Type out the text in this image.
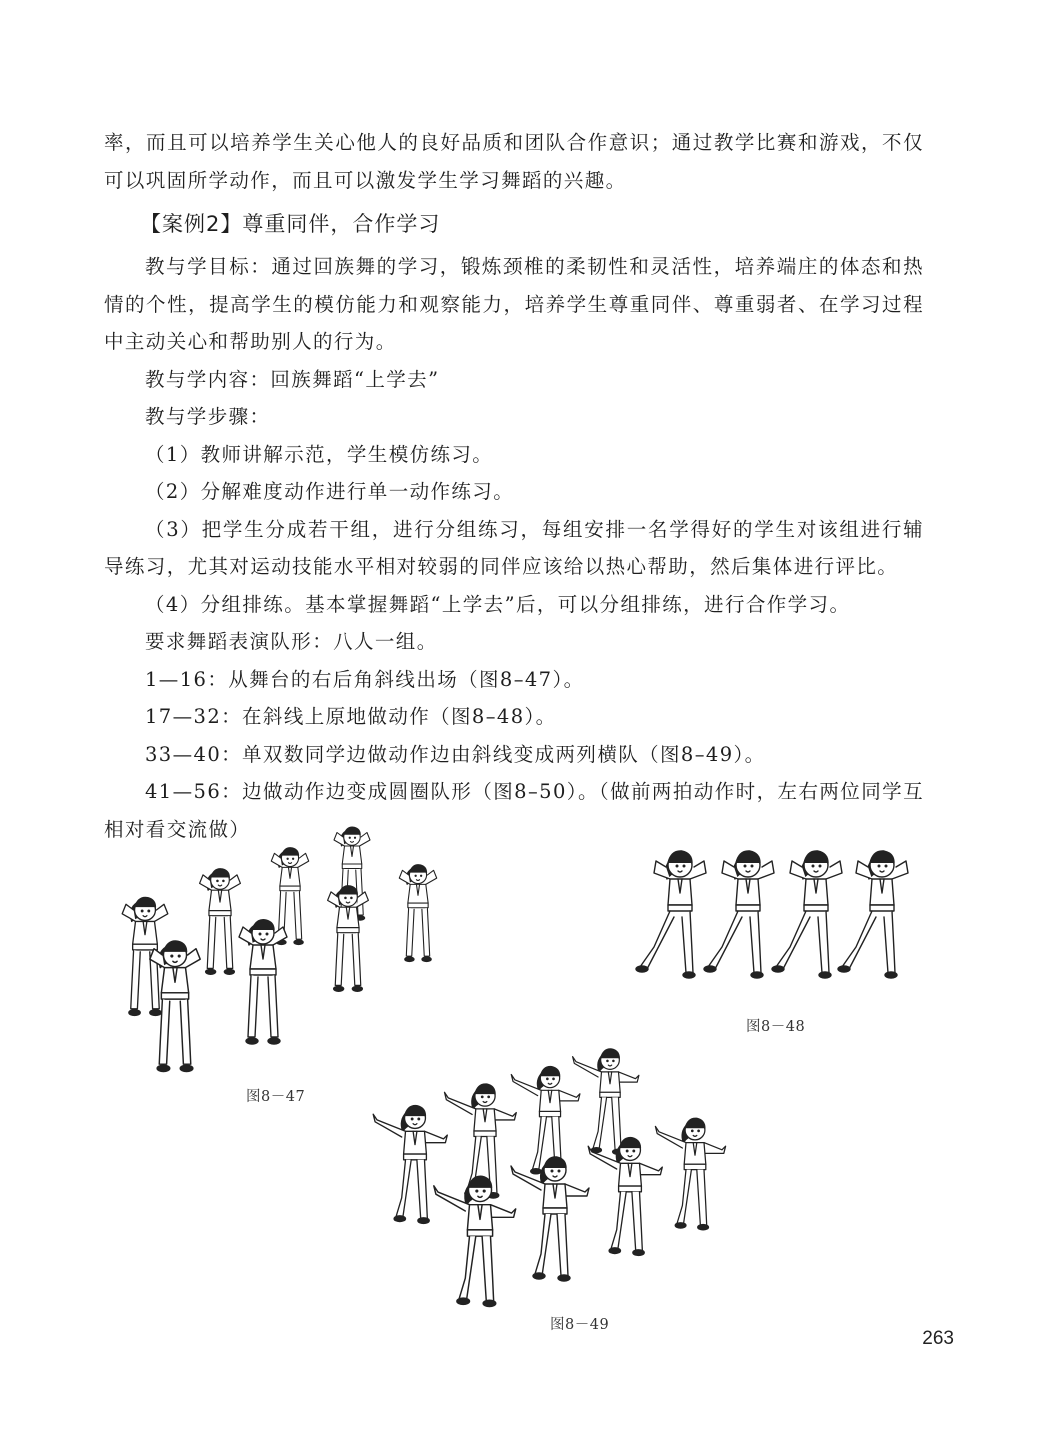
率，而且可以培养学生关心他人的良好品质和团队合作意识；通过教学比赛和游戏，不仅可以巩固所学动作，而且可以激发学生学习舞蹈的兴趣。

【案例2】尊重同伴，合作学习

教与学目标：通过回族舞的学习，锻炼颈椎的柔韧性和灵活性，培养端庄的体态和热情的个性，提高学生的模仿能力和观察能力，培养学生尊重同伴、尊重弱者、在学习过程中主动关心和帮助别人的行为。

教与学内容：回族舞蹈“上学去”

教与学步骤：

（1）教师讲解示范，学生模仿练习。

（2）分解难度动作进行单一动作练习。

（3）把学生分成若干组，进行分组练习，每组安排一名学得好的学生对该组进行辅导练习，尤其对运动技能水平相对较弱的同伴应该给以热心帮助，然后集体进行评比。

（4）分组排练。基本掌握舞蹈“上学去”后，可以分组排练，进行合作学习。

要求舞蹈表演队形：八人一组。

1—16：从舞台的右后角斜线出场（图8–47）。

17—32：在斜线上原地做动作（图8–48）。

33—40：单双数同学边做动作边由斜线变成两列横队（图8–49）。

41—56：边做动作边变成圆圈队形（图8–50）。（做前两拍动作时，左右两位同学互相对看交流做）

图8－47
图8－48
图8－49
263
